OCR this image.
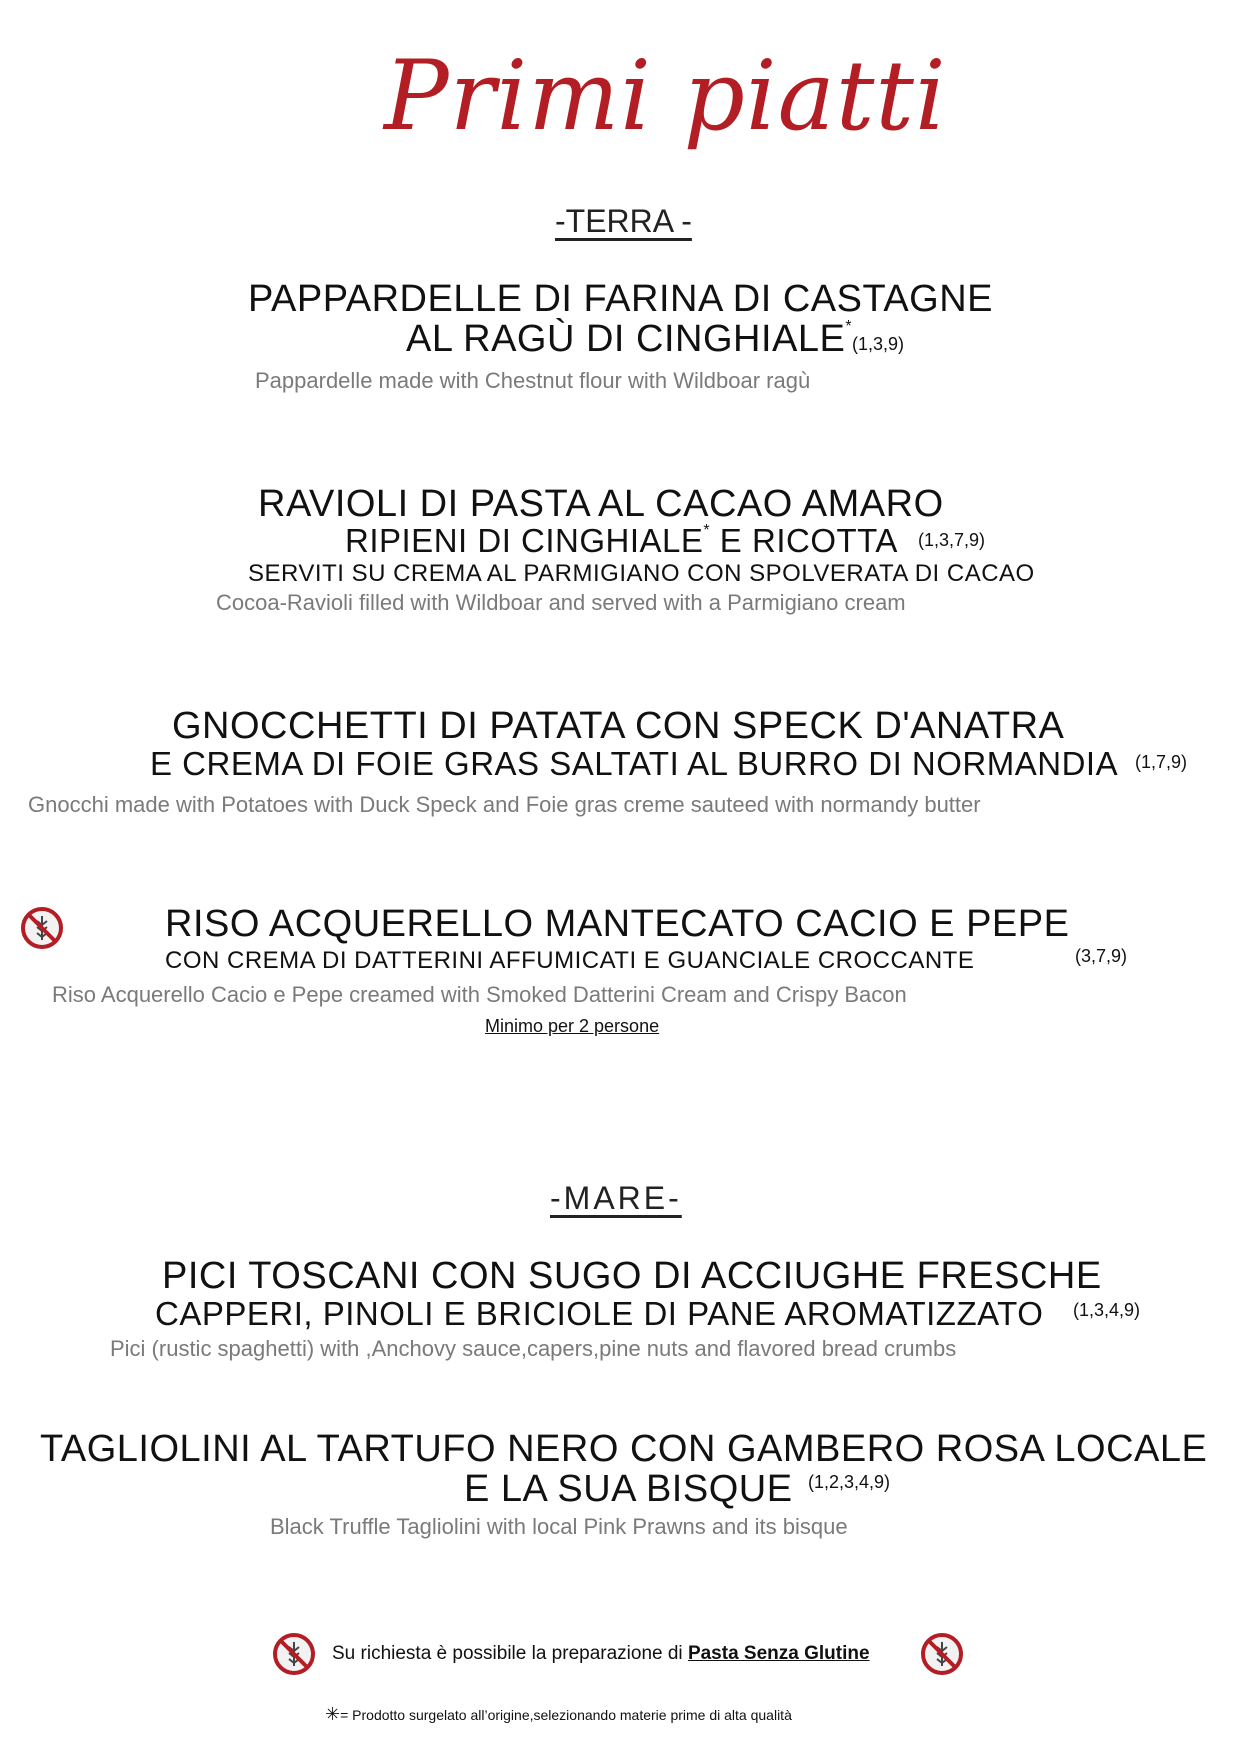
Primi piatti
-TERRA -
PAPPARDELLE DI FARINA DI CASTAGNE
AL RAGÙ DI CINGHIALE*
(1,3,9)
Pappardelle made with Chestnut flour with Wildboar ragù
RAVIOLI DI PASTA AL CACAO AMARO
RIPIENI DI CINGHIALE* E RICOTTA (1,3,7,9)
SERVITI SU CREMA AL PARMIGIANO CON SPOLVERATA DI CACAO
Cocoa-Ravioli filled with Wildboar and served with a Parmigiano cream
GNOCCHETTI DI PATATA CON SPECK D'ANATRA
E CREMA DI FOIE GRAS SALTATI AL BURRO DI NORMANDIA (1,7,9)
Gnocchi made with Potatoes with Duck Speck and Foie gras creme sauteed with normandy butter
RISO ACQUERELLO MANTECATO CACIO E PEPE
CON CREMA DI DATTERINI AFFUMICATI E GUANCIALE CROCCANTE	(3,7,9)
Riso Acquerello Cacio e Pepe creamed with Smoked Datterini Cream and Crispy Bacon
Minimo per 2 persone
-MARE-
PICI TOSCANI CON SUGO DI ACCIUGHE FRESCHE
CAPPERI, PINOLI E BRICIOLE DI PANE AROMATIZZATO (1,3,4,9)
Pici (rustic spaghetti) with ,Anchovy sauce,capers,pine nuts and flavored bread crumbs
TAGLIOLINI AL TARTUFO NERO CON GAMBERO ROSA LOCALE
E LA SUA BISQUE (1,2,3,4,9)
Black Truffle Tagliolini with local Pink Prawns and its bisque
Su richiesta è possibile la preparazione di Pasta Senza Glutine
✳= Prodotto surgelato all’origine,selezionando materie prime di alta qualità
